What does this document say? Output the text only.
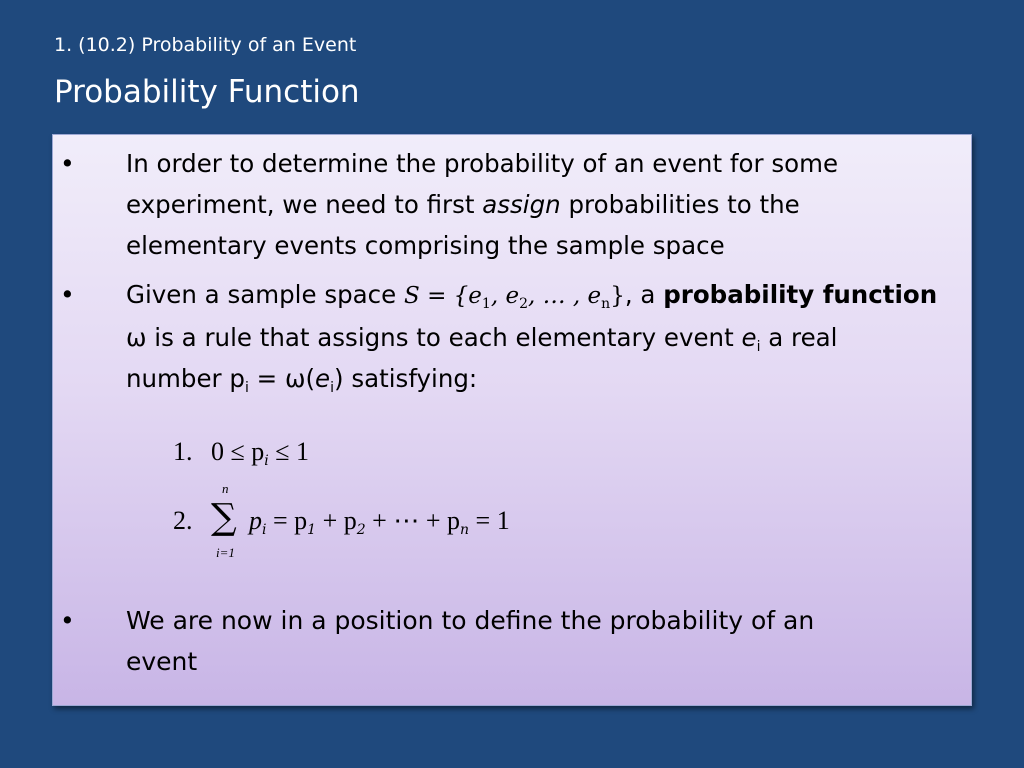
1. (10.2) Probability of an Event
Probability Function
• In order to determine the probability of an event for some
experiment, we need to first assign probabilities to the
elementary events comprising the sample space
• Given a sample space $S = \{e_1$, $e_2$, … , $e_n$}, a probability function
ω is a rule that assigns to each elementary event $e_i$ a real
number $p_i = \omega(e_i)$ satisfying:
1. $0 \le p_i \le 1$
2.
n
∑
i=1
$p_i = p_1 + p_2$ + ⋯ + $p_n = 1$
• We are now in a position to define the probability of an
event
